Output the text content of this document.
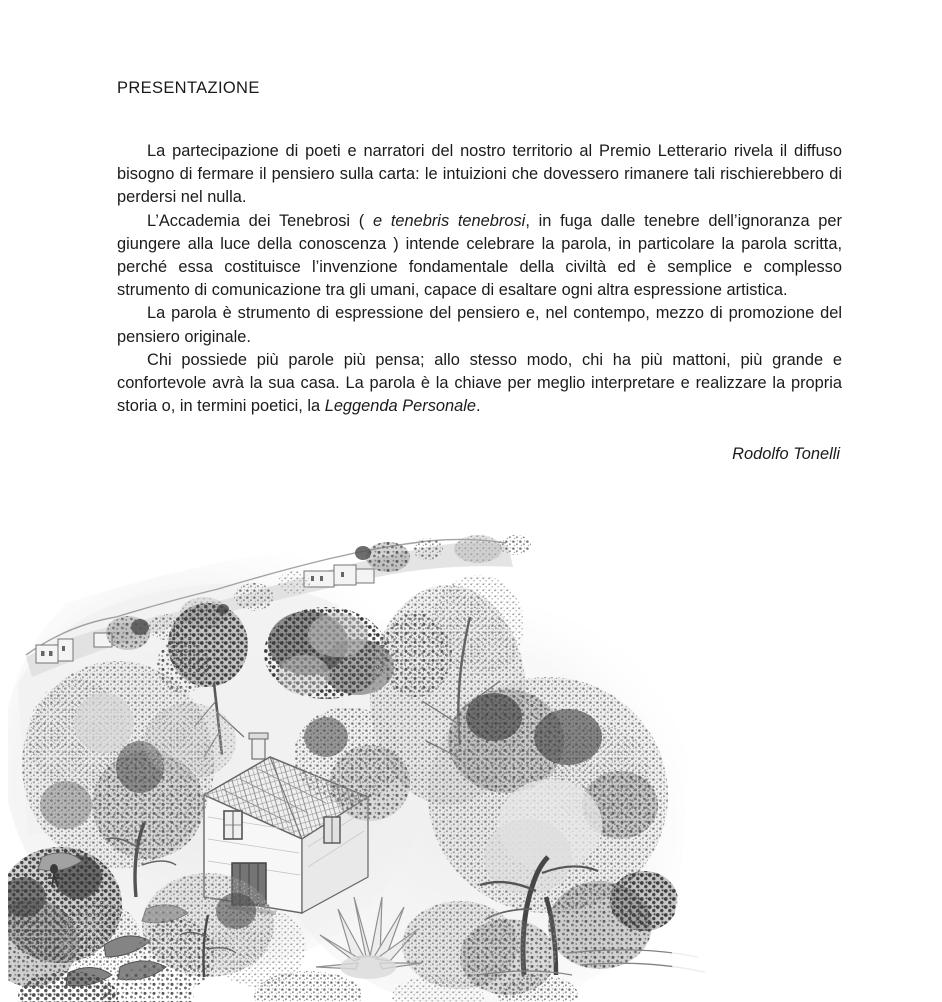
PRESENTAZIONE

La partecipazione di poeti e narratori del nostro territorio al Premio Letterario rivela il diffuso bisogno di fermare il pensiero sulla carta: le intuizioni che dovessero rimanere tali rischierebbero di perdersi nel nulla.

L’Accademia dei Tenebrosi ( e tenebris tenebrosi, in fuga dalle tenebre dell’ignoranza per giungere alla luce della conoscenza ) intende celebrare la parola, in particolare la parola scritta, perché essa costituisce l’invenzione fondamentale della civiltà ed è semplice e complesso strumento di comunicazione tra gli umani, capace di esaltare ogni altra espressione artistica.

La parola è strumento di espressione del pensiero e, nel contempo, mezzo di promozione del pensiero originale.

Chi possiede più parole più pensa; allo stesso modo, chi ha più mattoni, più grande e confortevole avrà la sua casa. La parola è la chiave per meglio interpretare e realizzare la propria storia o, in termini poetici, la Leggenda Personale.

Rodolfo Tonelli
